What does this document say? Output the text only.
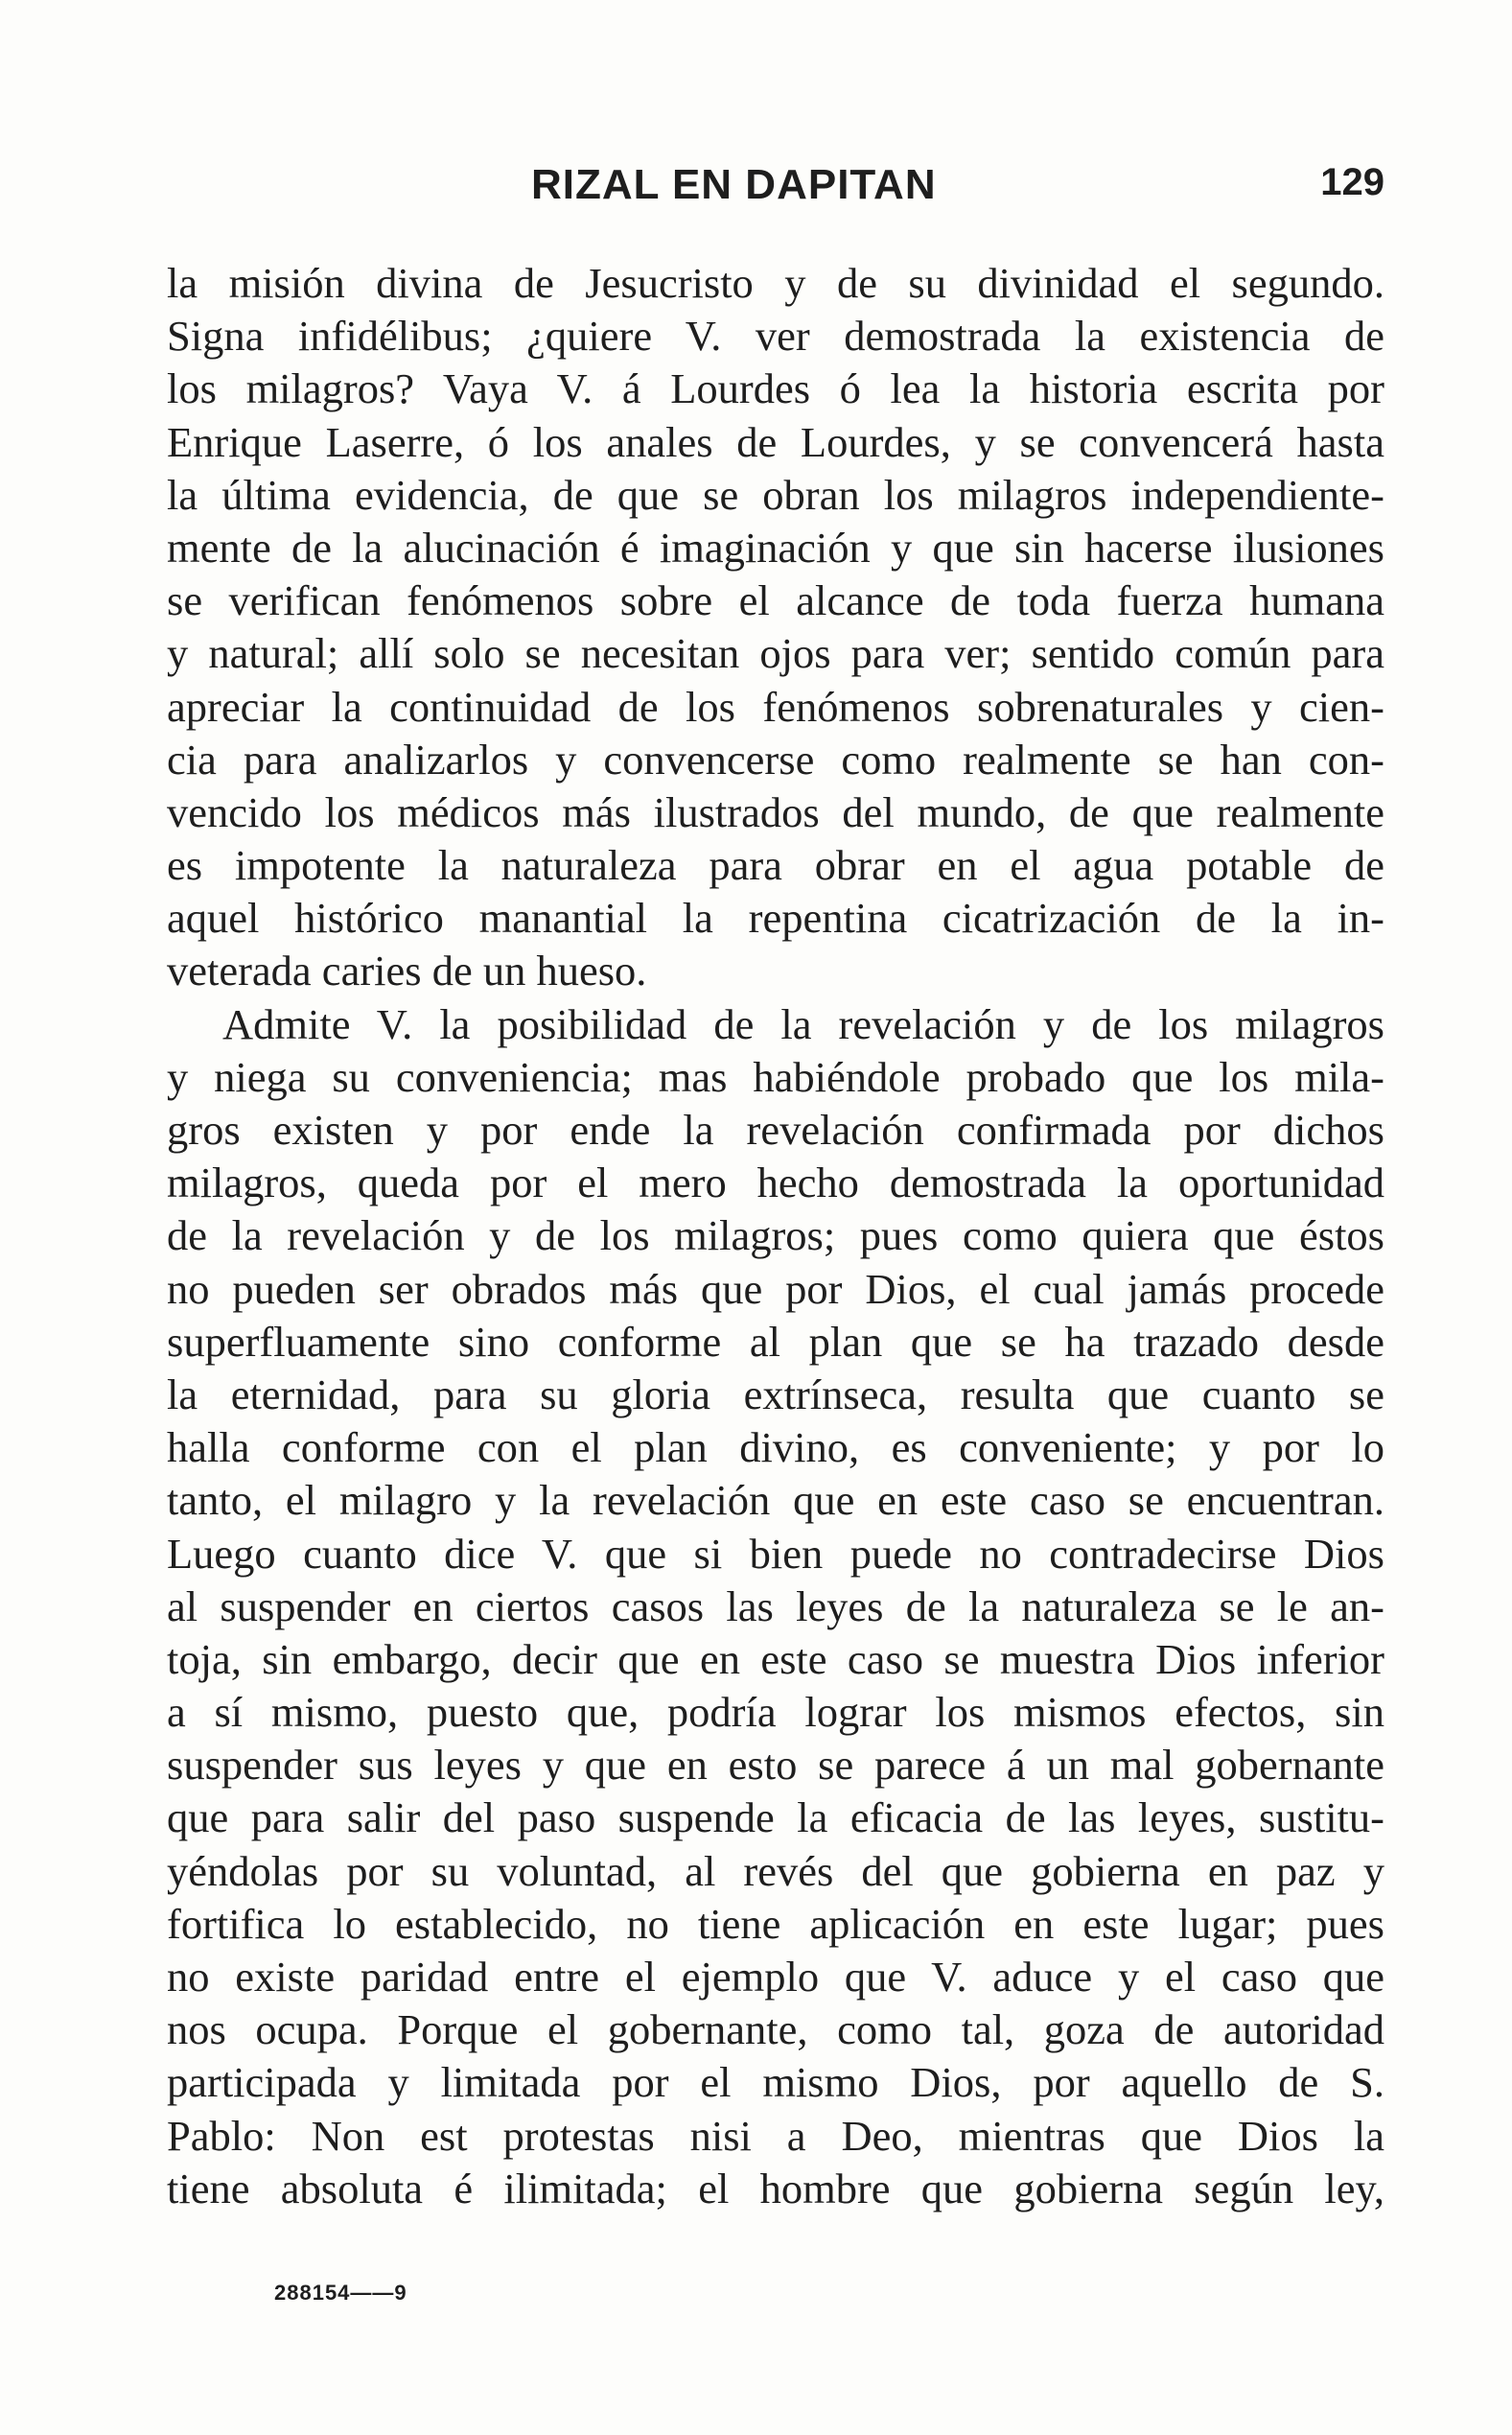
RIZAL EN DAPITAN	129
la misión divina de Jesucristo y de su divinidad el segundo.
Signa infidélibus; ¿quiere V. ver demostrada la existencia de
los milagros? Vaya V. á Lourdes ó lea la historia escrita por
Enrique Laserre, ó los anales de Lourdes, y se convencerá hasta
la última evidencia, de que se obran los milagros independiente-
mente de la alucinación é imaginación y que sin hacerse ilusiones
se verifican fenómenos sobre el alcance de toda fuerza humana
y natural; allí solo se necesitan ojos para ver; sentido común para
apreciar la continuidad de los fenómenos sobrenaturales y cien-
cia para analizarlos y convencerse como realmente se han con-
vencido los médicos más ilustrados del mundo, de que realmente
es impotente la naturaleza para obrar en el agua potable de
aquel histórico manantial la repentina cicatrización de la in-
veterada caries de un hueso.
Admite V. la posibilidad de la revelación y de los milagros
y niega su conveniencia; mas habiéndole probado que los mila-
gros existen y por ende la revelación confirmada por dichos
milagros, queda por el mero hecho demostrada la oportunidad
de la revelación y de los milagros; pues como quiera que éstos
no pueden ser obrados más que por Dios, el cual jamás procede
superfluamente sino conforme al plan que se ha trazado desde
la eternidad, para su gloria extrínseca, resulta que cuanto se
halla conforme con el plan divino, es conveniente; y por lo
tanto, el milagro y la revelación que en este caso se encuentran.
Luego cuanto dice V. que si bien puede no contradecirse Dios
al suspender en ciertos casos las leyes de la naturaleza se le an-
toja, sin embargo, decir que en este caso se muestra Dios inferior
a sí mismo, puesto que, podría lograr los mismos efectos, sin
suspender sus leyes y que en esto se parece á un mal gobernante
que para salir del paso suspende la eficacia de las leyes, sustitu-
yéndolas por su voluntad, al revés del que gobierna en paz y
fortifica lo establecido, no tiene aplicación en este lugar; pues
no existe paridad entre el ejemplo que V. aduce y el caso que
nos ocupa. Porque el gobernante, como tal, goza de autoridad
participada y limitada por el mismo Dios, por aquello de S.
Pablo: Non est protestas nisi a Deo, mientras que Dios la
tiene absoluta é ilimitada; el hombre que gobierna según ley,
288154——9
